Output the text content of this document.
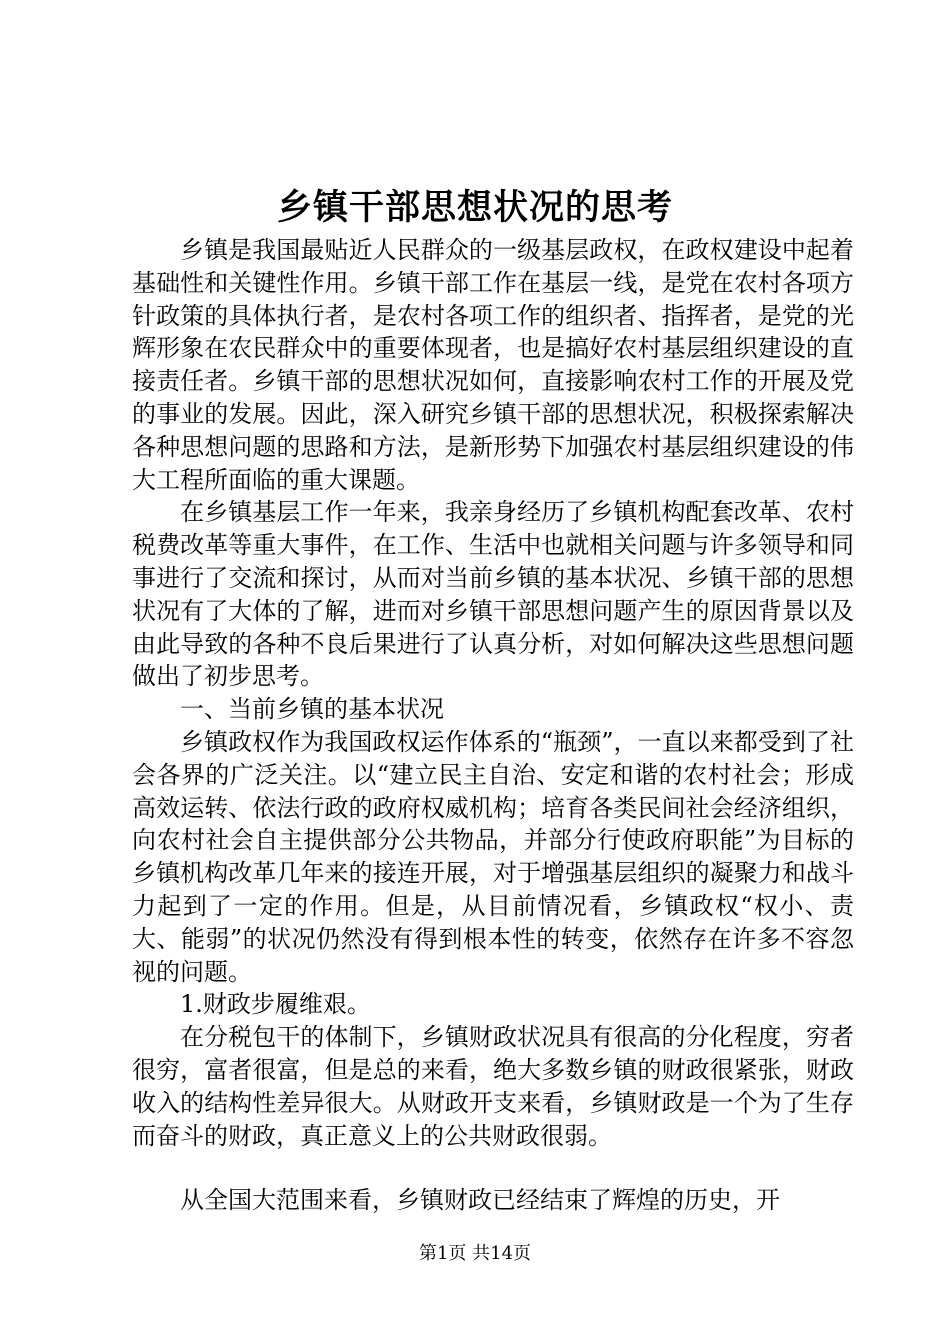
乡镇干部思想状况的思考

乡镇是我国最贴近人民群众的一级基层政权，在政权建设中起着基础性和关键性作用。乡镇干部工作在基层一线，是党在农村各项方针政策的具体执行者，是农村各项工作的组织者、指挥者，是党的光辉形象在农民群众中的重要体现者，也是搞好农村基层组织建设的直接责任者。乡镇干部的思想状况如何，直接影响农村工作的开展及党的事业的发展。因此，深入研究乡镇干部的思想状况，积极探索解决各种思想问题的思路和方法，是新形势下加强农村基层组织建设的伟大工程所面临的重大课题。

在乡镇基层工作一年来，我亲身经历了乡镇机构配套改革、农村税费改革等重大事件，在工作、生活中也就相关问题与许多领导和同事进行了交流和探讨，从而对当前乡镇的基本状况、乡镇干部的思想状况有了大体的了解，进而对乡镇干部思想问题产生的原因背景以及由此导致的各种不良后果进行了认真分析，对如何解决这些思想问题做出了初步思考。

一、当前乡镇的基本状况

乡镇政权作为我国政权运作体系的“瓶颈”，一直以来都受到了社会各界的广泛关注。以“建立民主自治、安定和谐的农村社会；形成高效运转、依法行政的政府权威机构；培育各类民间社会经济组织，向农村社会自主提供部分公共物品，并部分行使政府职能”为目标的乡镇机构改革几年来的接连开展，对于增强基层组织的凝聚力和战斗力起到了一定的作用。但是，从目前情况看，乡镇政权“权小、责大、能弱”的状况仍然没有得到根本性的转变，依然存在许多不容忽视的问题。

1.财政步履维艰。

在分税包干的体制下，乡镇财政状况具有很高的分化程度，穷者很穷，富者很富，但是总的来看，绝大多数乡镇的财政很紧张，财政收入的结构性差异很大。从财政开支来看，乡镇财政是一个为了生存而奋斗的财政，真正意义上的公共财政很弱。

从全国大范围来看，乡镇财政已经结束了辉煌的历史，开

第1页 共14页
